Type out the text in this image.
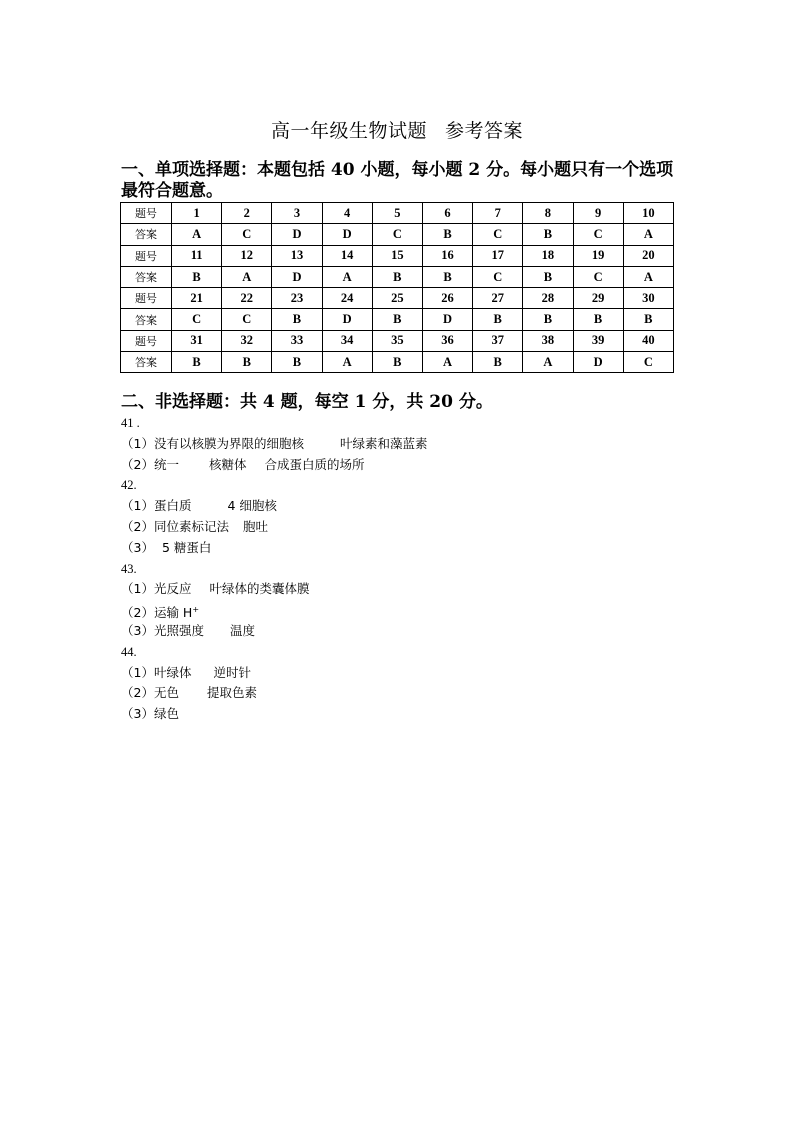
高一年级生物试题 参考答案
一、单项选择题：本题包括 40 小题，每小题 2 分。每小题只有一个选项最符合题意。
题号	1	2	3	4	5	6	7	8	9	10
答案	A	C	D	D	C	B	C	B	C	A
题号	11	12	13	14	15	16	17	18	19	20
答案	B	A	D	A	B	B	C	B	C	A
题号	21	22	23	24	25	26	27	28	29	30
答案	C	C	B	D	B	D	B	B	B	B
题号	31	32	33	34	35	36	37	38	39	40
答案	B	B	B	A	B	A	B	A	D	C
二、非选择题：共 4 题，每空 1 分，共 20 分。
41 .
（1）没有以核膜为界限的细胞核	叶绿素和藻蓝素
（2）统一 核糖体 合成蛋白质的场所
42.
（1）蛋白质	4 细胞核
（2）同位素标记法 胞吐
（3） 5 糖蛋白
43.
（1）光反应 叶绿体的类囊体膜
（2）运输 H+
（3）光照强度 温度
44.
（1）叶绿体 逆时针
（2）无色 提取色素
（3）绿色
